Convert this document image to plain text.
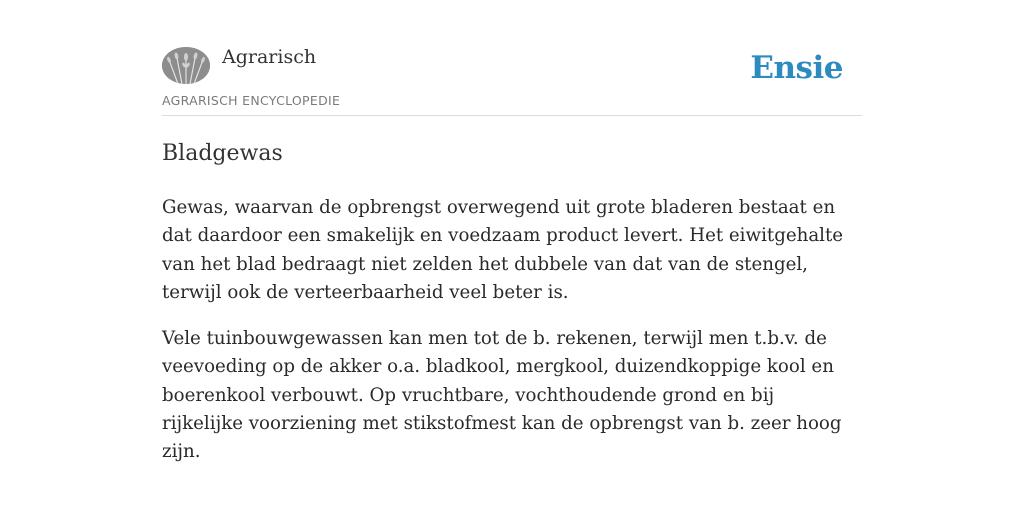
Agrarisch
AGRARISCH ENCYCLOPEDIE
Ensie
Bladgewas

Gewas, waarvan de opbrengst overwegend uit grote bladeren bestaat en dat daardoor een smakelijk en voedzaam product levert. Het eiwitgehalte van het blad bedraagt niet zelden het dubbele van dat van de stengel, terwijl ook de verteerbaarheid veel beter is.

Vele tuinbouwgewassen kan men tot de b. rekenen, terwijl men t.b.v. de veevoeding op de akker o.a. bladkool, mergkool, duizendkoppige kool en boerenkool verbouwt. Op vruchtbare, vochthoudende grond en bij rijkelijke voorziening met stikstofmest kan de opbrengst van b. zeer hoog zijn.
